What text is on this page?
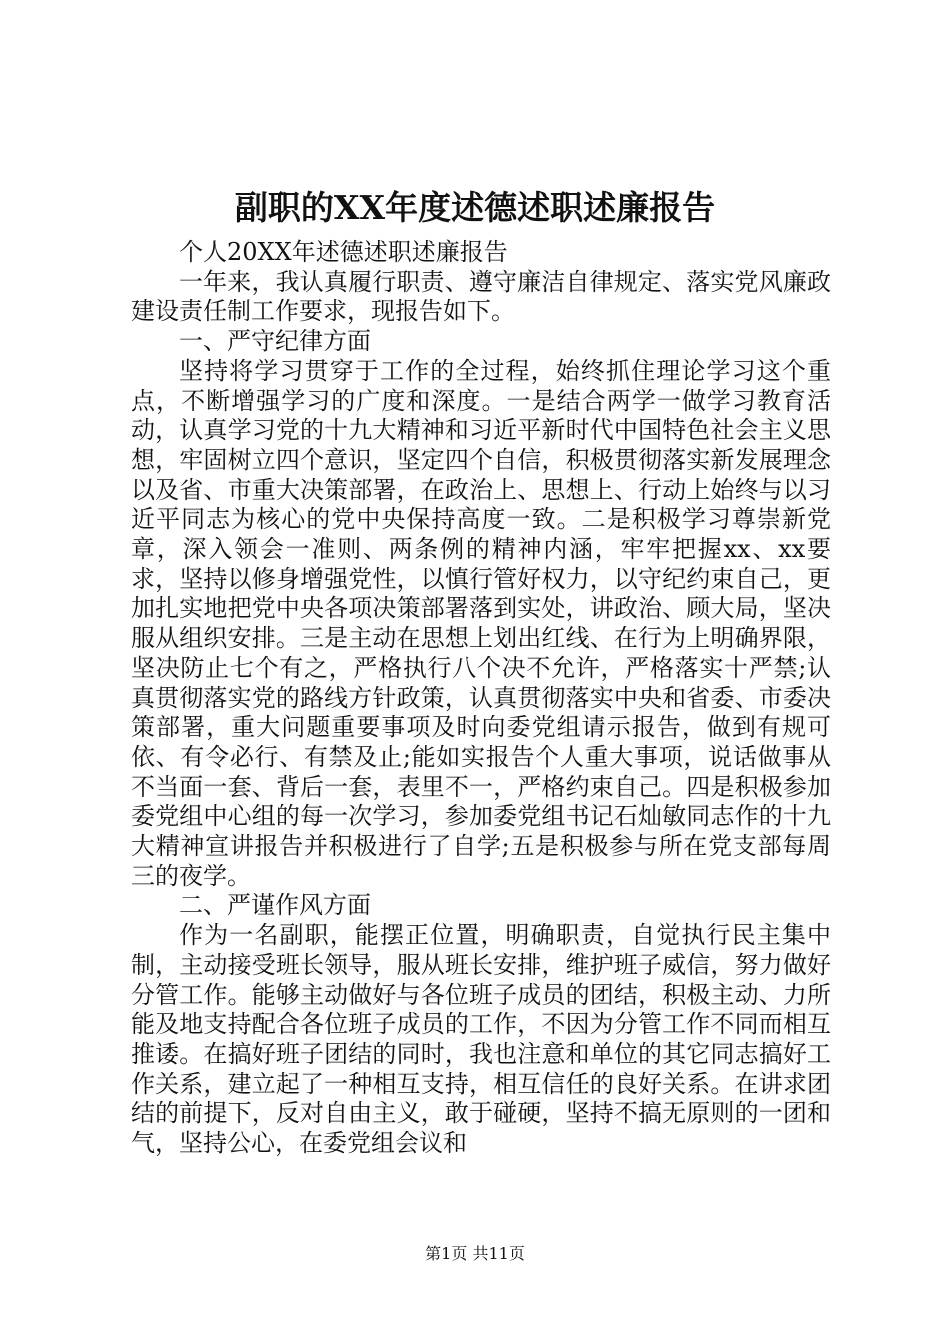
副职的XX年度述德述职述廉报告

个人20XX年述德述职述廉报告

一年来，我认真履行职责、遵守廉洁自律规定、落实党风廉政建设责任制工作要求，现报告如下。

一、严守纪律方面

坚持将学习贯穿于工作的全过程，始终抓住理论学习这个重点，不断增强学习的广度和深度。一是结合两学一做学习教育活动，认真学习党的十九大精神和习近平新时代中国特色社会主义思想，牢固树立四个意识，坚定四个自信，积极贯彻落实新发展理念以及省、市重大决策部署，在政治上、思想上、行动上始终与以习近平同志为核心的党中央保持高度一致。二是积极学习尊崇新党章，深入领会一准则、两条例的精神内涵，牢牢把握xx、xx要求，坚持以修身增强党性，以慎行管好权力，以守纪约束自己，更加扎实地把党中央各项决策部署落到实处，讲政治、顾大局，坚决服从组织安排。三是主动在思想上划出红线、在行为上明确界限，坚决防止七个有之，严格执行八个决不允许，严格落实十严禁;认真贯彻落实党的路线方针政策，认真贯彻落实中央和省委、市委决策部署，重大问题重要事项及时向委党组请示报告，做到有规可依、有令必行、有禁及止;能如实报告个人重大事项，说话做事从不当面一套、背后一套，表里不一，严格约束自己。四是积极参加委党组中心组的每一次学习，参加委党组书记石灿敏同志作的十九大精神宣讲报告并积极进行了自学;五是积极参与所在党支部每周三的夜学。

二、严谨作风方面

作为一名副职，能摆正位置，明确职责，自觉执行民主集中制，主动接受班长领导，服从班长安排，维护班子威信，努力做好分管工作。能够主动做好与各位班子成员的团结，积极主动、力所能及地支持配合各位班子成员的工作，不因为分管工作不同而相互推诿。在搞好班子团结的同时，我也注意和单位的其它同志搞好工作关系，建立起了一种相互支持，相互信任的良好关系。在讲求团结的前提下，反对自由主义，敢于碰硬，坚持不搞无原则的一团和气，坚持公心，在委党组会议和

第1页 共11页
